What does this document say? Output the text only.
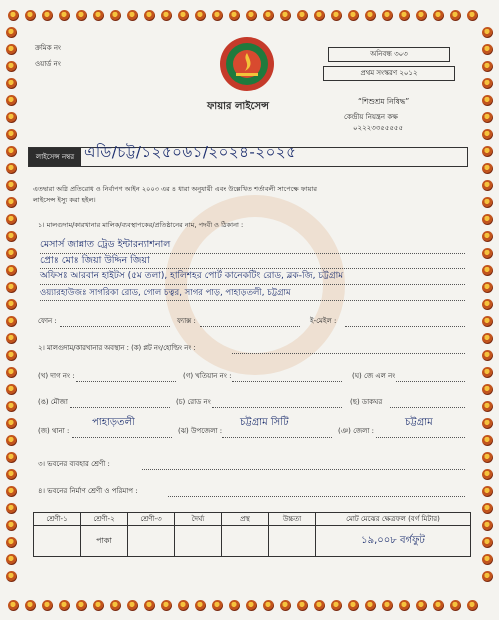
ক্রমিক নং
ওয়ার্ড নং
অনিবন্ধ ৩০৩
প্রথম সংস্করণ ২০১২
“শিশুশ্রম নিষিদ্ধ”
কেন্দ্রীয় নিয়ন্ত্রন কক্ষ
০২২২৩৩৫৫৫৫৫
ফায়ার লাইসেন্স
লাইসেন্স নম্বর এডি/চট্ট/১২৫০৬১/২০২৪-২০২৫
এতদ্বারা অগ্নি প্রতিরোধ ও নির্বাপণ আইন ২০০৩ এর ৪ ধারা অনুযায়ী এবং উল্লেখিত শর্তাবলী সাপেক্ষে ফায়ার
লাইসেন্স ইস্যু করা হইল।
১। মালগুদাম/কারখানার মালিক/ব্যবস্থাপকের/প্রতিষ্ঠানের নাম, পদবী ও ঠিকানা :
মেসার্স জান্নাত ট্রেড ইন্টারন্যাশনাল
প্রোঃ মোঃ জিয়া উদ্দিন জিয়া
অফিসঃ আরবান হাইটস (৫ম তলা), হালিশহর পোর্ট কানেকটিং রোড, ব্লক-জি, চট্টগ্রাম
ওয়্যারহাউজঃ সাগরিকা রোড, গোল চত্বর, সাগর পাড়, পাহাড়তলী, চট্টগ্রাম
ফোন :	ফ্যাক্স :	ই-মেইল :
২। মালগুদাম/কারখানার অবস্থান : (ক) প্লট নং/হোল্ডিং নং :
(খ) দাগ নং :	(গ) খতিয়ান নং :	(ঘ) জে এল নং
(ঙ) মৌজা	(চ) রোড নং	(ছ) ডাকঘর
(জ) থানা :
পাহাড়তলী
(ঝ) উপজেলা :
চট্টগ্রাম সিটি
(ঞ) জেলা :
চট্টগ্রাম
৩। ভবনের ব্যবহার শ্রেণী :
৪। ভবনের নির্মাণ শ্রেণী ও পরিমাপ :
শ্রেণী-১	শ্রেণী-২	শ্রেণী-৩	দৈর্ঘ্য	প্রস্থ	উচ্চতা	মোট মেঝের ক্ষেত্রফল (বর্গ মিটার)
	পাকা					১৯,০০৮ বর্গফুট
